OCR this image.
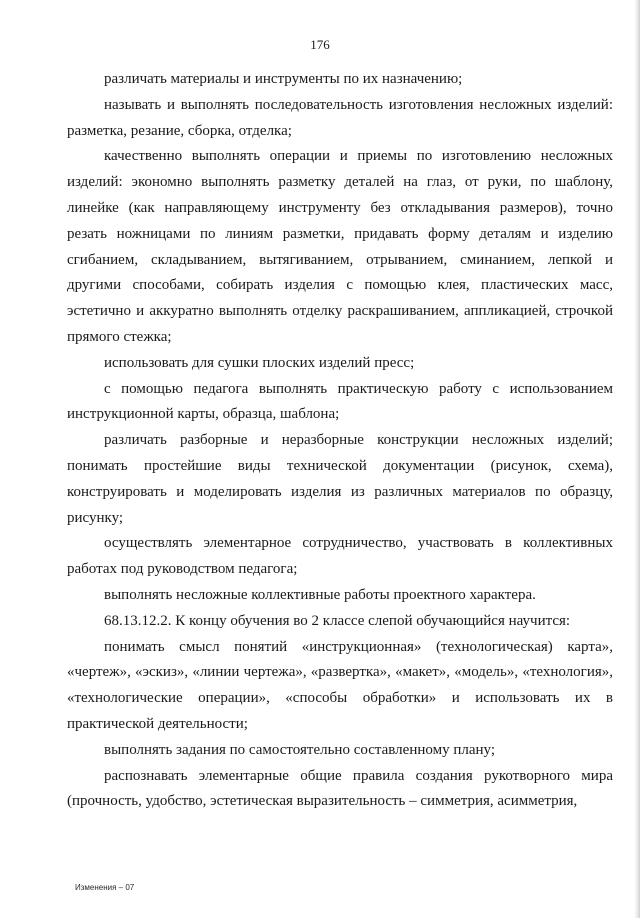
176

различать материалы и инструменты по их назначению;

называть и выполнять последовательность изготовления несложных изделий: разметка, резание, сборка, отделка;

качественно выполнять операции и приемы по изготовлению несложных изделий: экономно выполнять разметку деталей на глаз, от руки, по шаблону, линейке (как направляющему инструменту без откладывания размеров), точно резать ножницами по линиям разметки, придавать форму деталям и изделию сгибанием, складыванием, вытягиванием, отрыванием, сминанием, лепкой и другими способами, собирать изделия с помощью клея, пластических масс, эстетично и аккуратно выполнять отделку раскрашиванием, аппликацией, строчкой прямого стежка;

использовать для сушки плоских изделий пресс;

с помощью педагога выполнять практическую работу с использованием инструкционной карты, образца, шаблона;

различать разборные и неразборные конструкции несложных изделий; понимать простейшие виды технической документации (рисунок, схема), конструировать и моделировать изделия из различных материалов по образцу, рисунку;

осуществлять элементарное сотрудничество, участвовать в коллективных работах под руководством педагога;

выполнять несложные коллективные работы проектного характера.

68.13.12.2. К концу обучения во 2 классе слепой обучающийся научится:

понимать смысл понятий «инструкционная» (технологическая) карта», «чертеж», «эскиз», «линии чертежа», «развертка», «макет», «модель», «технология», «технологические операции», «способы обработки» и использовать их в практической деятельности;

выполнять задания по самостоятельно составленному плану;

распознавать элементарные общие правила создания рукотворного мира (прочность, удобство, эстетическая выразительность – симметрия, асимметрия,

Изменения – 07
